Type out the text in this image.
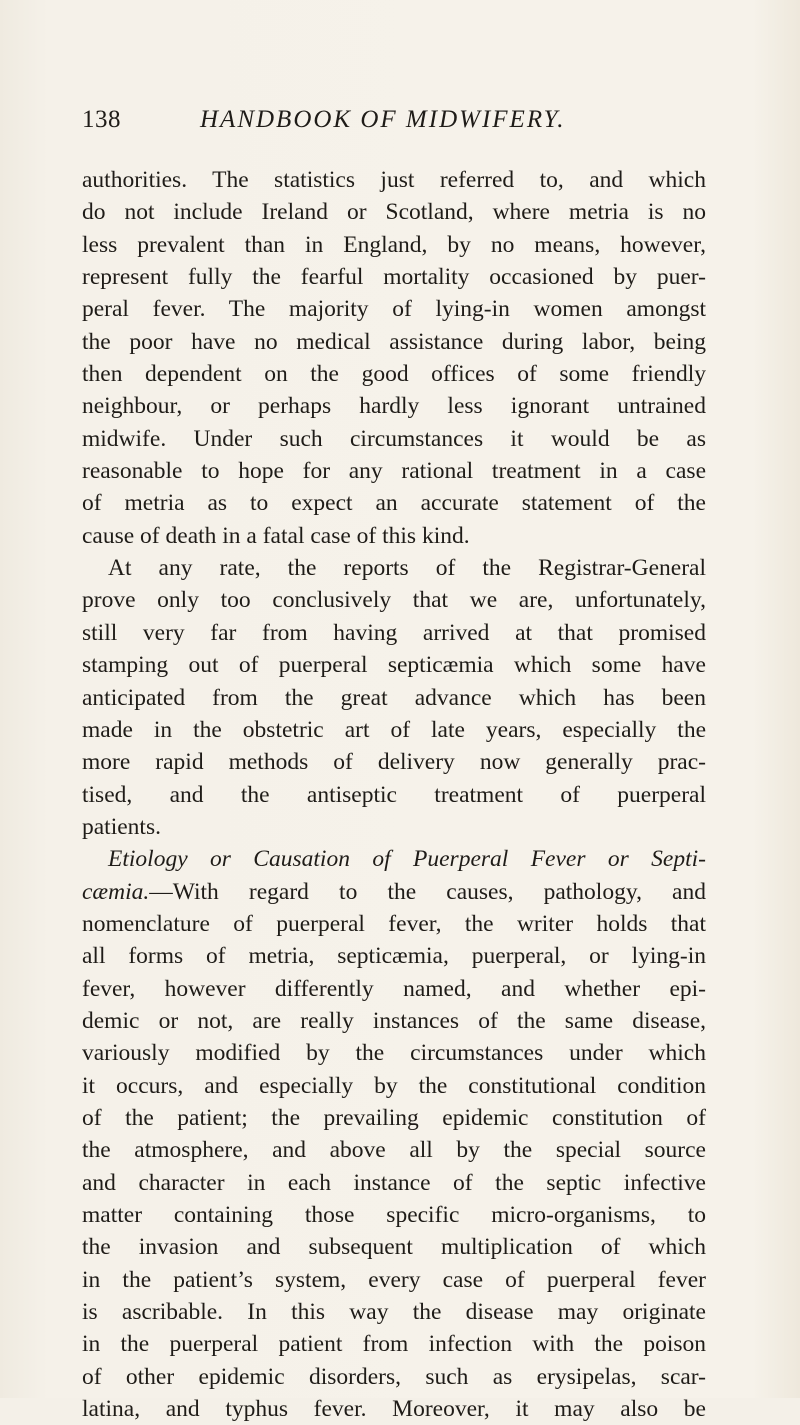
138	HANDBOOK OF MIDWIFERY.
authorities. The statistics just referred to, and which
do not include Ireland or Scotland, where metria is no
less prevalent than in England, by no means, however,
represent fully the fearful mortality occasioned by puer-
peral fever. The majority of lying-in women amongst
the poor have no medical assistance during labor, being
then dependent on the good offices of some friendly
neighbour, or perhaps hardly less ignorant untrained
midwife. Under such circumstances it would be as
reasonable to hope for any rational treatment in a case
of metria as to expect an accurate statement of the
cause of death in a fatal case of this kind.
At any rate, the reports of the Registrar-General
prove only too conclusively that we are, unfortunately,
still very far from having arrived at that promised
stamping out of puerperal septicæmia which some have
anticipated from the great advance which has been
made in the obstetric art of late years, especially the
more rapid methods of delivery now generally prac-
tised, and the antiseptic treatment of puerperal
patients.
Etiology or Causation of Puerperal Fever or Septi-
cæmia.—With regard to the causes, pathology, and
nomenclature of puerperal fever, the writer holds that
all forms of metria, septicæmia, puerperal, or lying-in
fever, however differently named, and whether epi-
demic or not, are really instances of the same disease,
variously modified by the circumstances under which
it occurs, and especially by the constitutional condition
of the patient; the prevailing epidemic constitution of
the atmosphere, and above all by the special source
and character in each instance of the septic infective
matter containing those specific micro-organisms, to
the invasion and subsequent multiplication of which
in the patient’s system, every case of puerperal fever
is ascribable. In this way the disease may originate
in the puerperal patient from infection with the poison
of other epidemic disorders, such as erysipelas, scar-
latina, and typhus fever. Moreover, it may also be
